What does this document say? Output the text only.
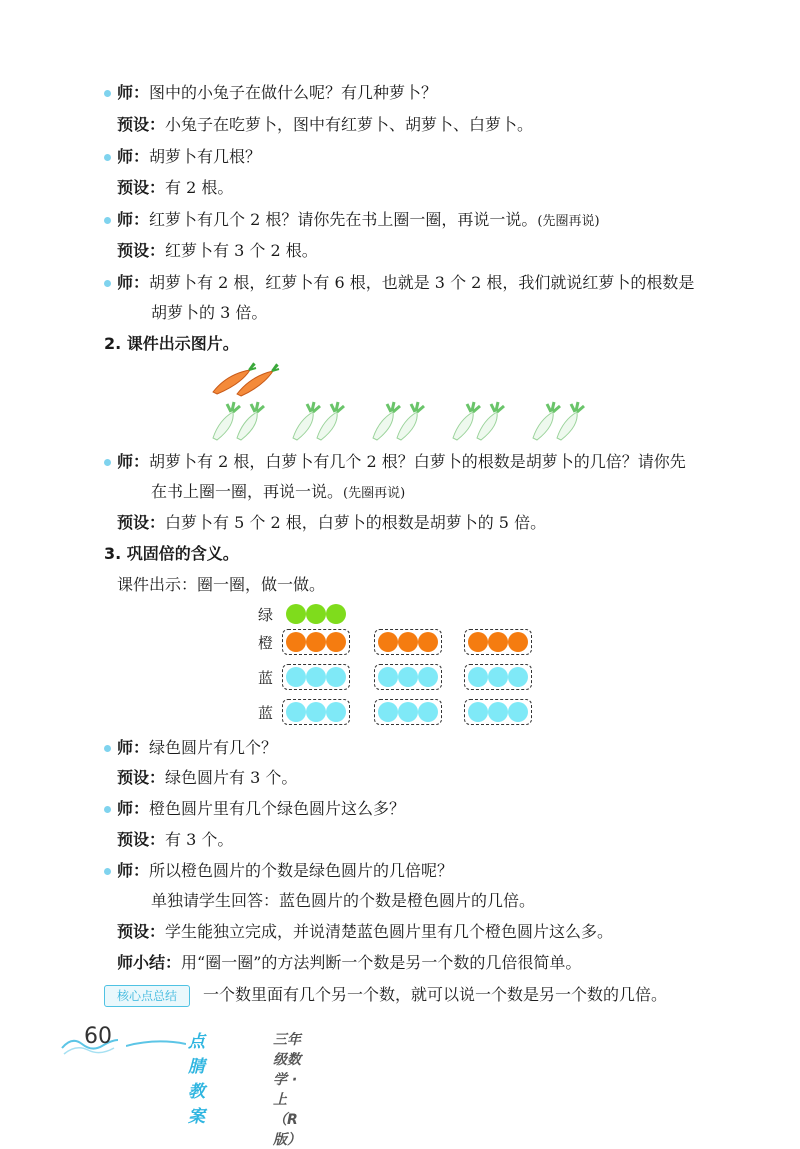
师：图中的小兔子在做什么呢？有几种萝卜？
预设：小兔子在吃萝卜，图中有红萝卜、胡萝卜、白萝卜。
师：胡萝卜有几根？
预设：有 2 根。
师：红萝卜有几个 2 根？请你先在书上圈一圈，再说一说。(先圈再说)
预设：红萝卜有 3 个 2 根。
师：胡萝卜有 2 根，红萝卜有 6 根，也就是 3 个 2 根，我们就说红萝卜的根数是
胡萝卜的 3 倍。
2. 课件出示图片。
师：胡萝卜有 2 根，白萝卜有几个 2 根？白萝卜的根数是胡萝卜的几倍？请你先
在书上圈一圈，再说一说。(先圈再说)
预设：白萝卜有 5 个 2 根，白萝卜的根数是胡萝卜的 5 倍。
3. 巩固倍的含义。
课件出示：圈一圈，做一做。
绿
橙
蓝
蓝
师：绿色圆片有几个？
预设：绿色圆片有 3 个。
师：橙色圆片里有几个绿色圆片这么多？
预设：有 3 个。
师：所以橙色圆片的个数是绿色圆片的几倍呢？
单独请学生回答：蓝色圆片的个数是橙色圆片的几倍。
预设：学生能独立完成，并说清楚蓝色圆片里有几个橙色圆片这么多。
师小结：用“圈一圈”的方法判断一个数是另一个数的几倍很简单。
核心点总结	一个数里面有几个另一个数，就可以说一个数是另一个数的几倍。
60	点腈教案
三年级数学 · 上（R 版）
